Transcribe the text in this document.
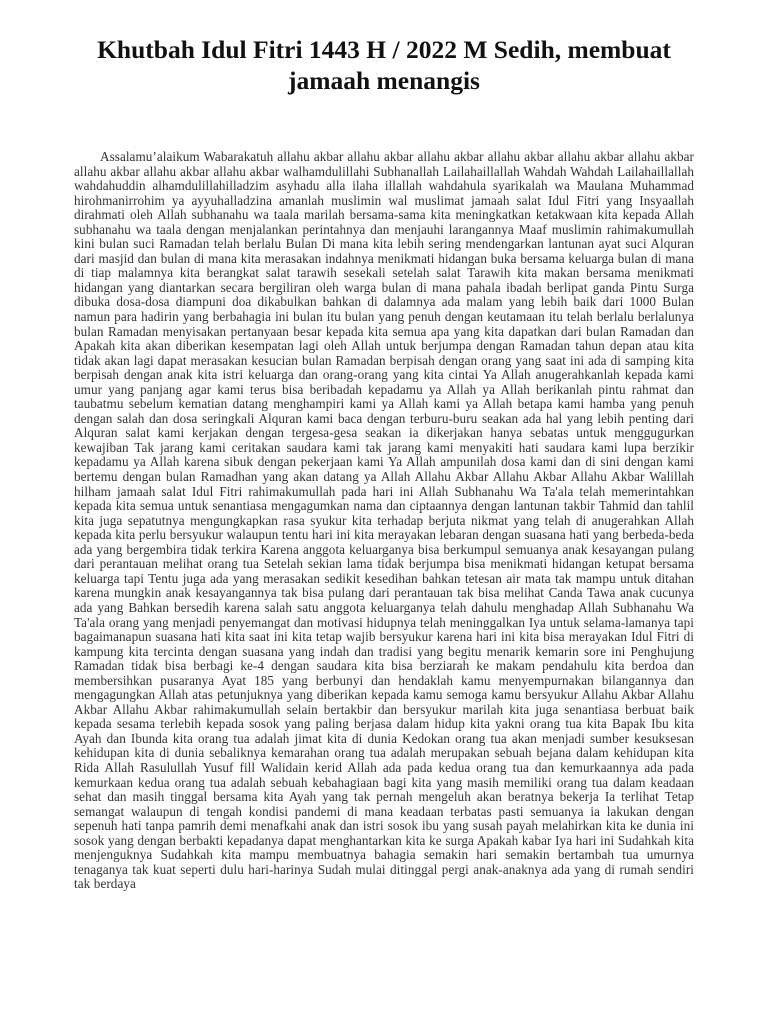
Khutbah Idul Fitri 1443 H / 2022 M Sedih, membuat jamaah menangis

Assalamu’alaikum Wabarakatuh allahu akbar allahu akbar allahu akbar allahu akbar allahu akbar allahu akbar allahu akbar allahu akbar allahu akbar walhamdulillahi Subhanallah Lailahaillallah Wahdah Wahdah Lailahaillallah wahdahuddin alhamdulillahilladzim asyhadu alla ilaha illallah wahdahula syarikalah wa Maulana Muhammad hirohmanirrohim ya ayyuhalladzina amanlah muslimin wal muslimat jamaah salat Idul Fitri yang Insyaallah dirahmati oleh Allah subhanahu wa taala marilah bersama-sama kita meningkatkan ketakwaan kita kepada Allah subhanahu wa taala dengan menjalankan perintahnya dan menjauhi larangannya Maaf muslimin rahimakumullah kini bulan suci Ramadan telah berlalu Bulan Di mana kita lebih sering mendengarkan lantunan ayat suci Alquran dari masjid dan bulan di mana kita merasakan indahnya menikmati hidangan buka bersama keluarga bulan di mana di tiap malamnya kita berangkat salat tarawih sesekali setelah salat Tarawih kita makan bersama menikmati hidangan yang diantarkan secara bergiliran oleh warga bulan di mana pahala ibadah berlipat ganda Pintu Surga dibuka dosa-dosa diampuni doa dikabulkan bahkan di dalamnya ada malam yang lebih baik dari 1000 Bulan namun para hadirin yang berbahagia ini bulan itu bulan yang penuh dengan keutamaan itu telah berlalu berlalunya bulan Ramadan menyisakan pertanyaan besar kepada kita semua apa yang kita dapatkan dari bulan Ramadan dan Apakah kita akan diberikan kesempatan lagi oleh Allah untuk berjumpa dengan Ramadan tahun depan atau kita tidak akan lagi dapat merasakan kesucian bulan Ramadan berpisah dengan orang yang saat ini ada di samping kita berpisah dengan anak kita istri keluarga dan orang-orang yang kita cintai Ya Allah anugerahkanlah kepada kami umur yang panjang agar kami terus bisa beribadah kepadamu ya Allah ya Allah berikanlah pintu rahmat dan taubatmu sebelum kematian datang menghampiri kami ya Allah kami ya Allah betapa kami hamba yang penuh dengan salah dan dosa seringkali Alquran kami baca dengan terburu-buru seakan ada hal yang lebih penting dari Alquran salat kami kerjakan dengan tergesa-gesa seakan ia dikerjakan hanya sebatas untuk menggugurkan kewajiban Tak jarang kami ceritakan saudara kami tak jarang kami menyakiti hati saudara kami lupa berzikir kepadamu ya Allah karena sibuk dengan pekerjaan kami Ya Allah ampunilah dosa kami dan di sini dengan kami bertemu dengan bulan Ramadhan yang akan datang ya Allah Allahu Akbar Allahu Akbar Allahu Akbar Walillah hilham jamaah salat Idul Fitri rahimakumullah pada hari ini Allah Subhanahu Wa Ta'ala telah memerintahkan kepada kita semua untuk senantiasa mengagumkan nama dan ciptaannya dengan lantunan takbir Tahmid dan tahlil kita juga sepatutnya mengungkapkan rasa syukur kita terhadap berjuta nikmat yang telah di anugerahkan Allah kepada kita perlu bersyukur walaupun tentu hari ini kita merayakan lebaran dengan suasana hati yang berbeda-beda ada yang bergembira tidak terkira Karena anggota keluarganya bisa berkumpul semuanya anak kesayangan pulang dari perantauan melihat orang tua Setelah sekian lama tidak berjumpa bisa menikmati hidangan ketupat bersama keluarga tapi Tentu juga ada yang merasakan sedikit kesedihan bahkan tetesan air mata tak mampu untuk ditahan karena mungkin anak kesayangannya tak bisa pulang dari perantauan tak bisa melihat Canda Tawa anak cucunya ada yang Bahkan bersedih karena salah satu anggota keluarganya telah dahulu menghadap Allah Subhanahu Wa Ta'ala orang yang menjadi penyemangat dan motivasi hidupnya telah meninggalkan Iya untuk selama-lamanya tapi bagaimanapun suasana hati kita saat ini kita tetap wajib bersyukur karena hari ini kita bisa merayakan Idul Fitri di kampung kita tercinta dengan suasana yang indah dan tradisi yang begitu menarik kemarin sore ini Penghujung Ramadan tidak bisa berbagi ke-4 dengan saudara kita bisa berziarah ke makam pendahulu kita berdoa dan membersihkan pusaranya Ayat 185 yang berbunyi dan hendaklah kamu menyempurnakan bilangannya dan mengagungkan Allah atas petunjuknya yang diberikan kepada kamu semoga kamu bersyukur Allahu Akbar Allahu Akbar Allahu Akbar rahimakumullah selain bertakbir dan bersyukur marilah kita juga senantiasa berbuat baik kepada sesama terlebih kepada sosok yang paling berjasa dalam hidup kita yakni orang tua kita Bapak Ibu kita Ayah dan Ibunda kita orang tua adalah jimat kita di dunia Kedokan orang tua akan menjadi sumber kesuksesan kehidupan kita di dunia sebaliknya kemarahan orang tua adalah merupakan sebuah bejana dalam kehidupan kita Rida Allah Rasulullah Yusuf fill Walidain kerid Allah ada pada kedua orang tua dan kemurkaannya ada pada kemurkaan kedua orang tua adalah sebuah kebahagiaan bagi kita yang masih memiliki orang tua dalam keadaan sehat dan masih tinggal bersama kita Ayah yang tak pernah mengeluh akan beratnya bekerja Ia terlihat Tetap semangat walaupun di tengah kondisi pandemi di mana keadaan terbatas pasti semuanya ia lakukan dengan sepenuh hati tanpa pamrih demi menafkahi anak dan istri sosok ibu yang susah payah melahirkan kita ke dunia ini sosok yang dengan berbakti kepadanya dapat menghantarkan kita ke surga Apakah kabar Iya hari ini Sudahkah kita menjenguknya Sudahkah kita mampu membuatnya bahagia semakin hari semakin bertambah tua umurnya tenaganya tak kuat seperti dulu hari-harinya Sudah mulai ditinggal pergi anak-anaknya ada yang di rumah sendiri tak berdaya
